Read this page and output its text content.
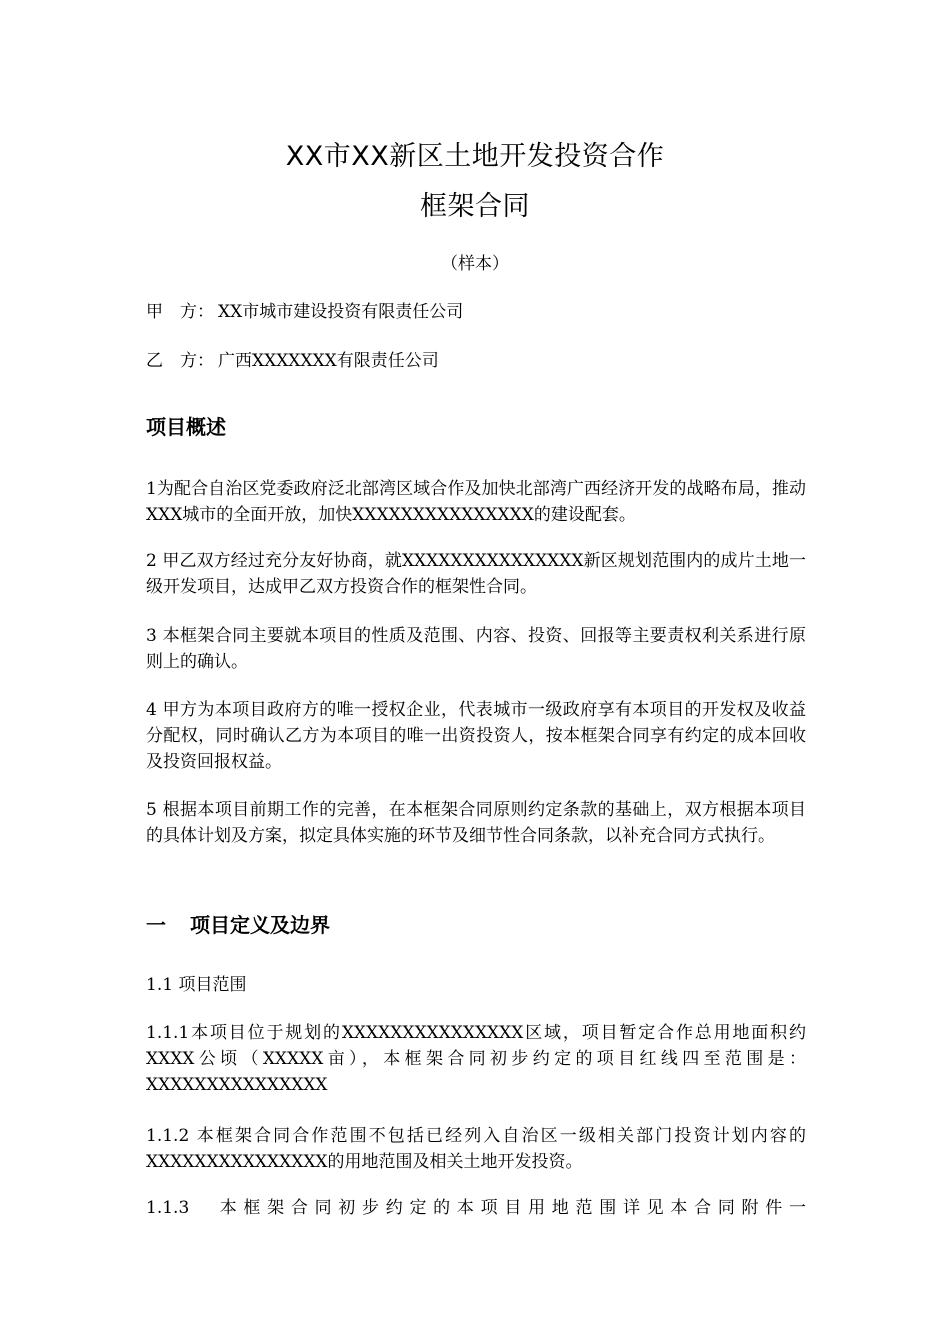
XX市XX新区土地开发投资合作
框架合同
（样本）
甲　方： XX市城市建设投资有限责任公司
乙　方： 广西XXXXXXX有限责任公司
项目概述

1为配合自治区党委政府泛北部湾区域合作及加快北部湾广西经济开发的战略布局，推动XXX城市的全面开放，加快XXXXXXXXXXXXXXX的建设配套。

2 甲乙双方经过充分友好协商，就XXXXXXXXXXXXXXX新区规划范围内的成片土地一级开发项目，达成甲乙双方投资合作的框架性合同。

3 本框架合同主要就本项目的性质及范围、内容、投资、回报等主要责权利关系进行原则上的确认。

4 甲方为本项目政府方的唯一授权企业，代表城市一级政府享有本项目的开发权及收益分配权，同时确认乙方为本项目的唯一出资投资人，按本框架合同享有约定的成本回收及投资回报权益。

5 根据本项目前期工作的完善，在本框架合同原则约定条款的基础上，双方根据本项目的具体计划及方案，拟定具体实施的环节及细节性合同条款，以补充合同方式执行。

一 项目定义及边界
1.1 项目范围

1.1.1本项目位于规划的XXXXXXXXXXXXXXX区域，项目暂定合作总用地面积约XXXX公顷（XXXXX亩），本框架合同初步约定的项目红线四至范围是：XXXXXXXXXXXXXXX

1.1.2 本框架合同合作范围不包括已经列入自治区一级相关部门投资计划内容的XXXXXXXXXXXXXXX的用地范围及相关土地开发投资。

1.1.3　本框架合同初步约定的本项目用地范围详见本合同附件一
